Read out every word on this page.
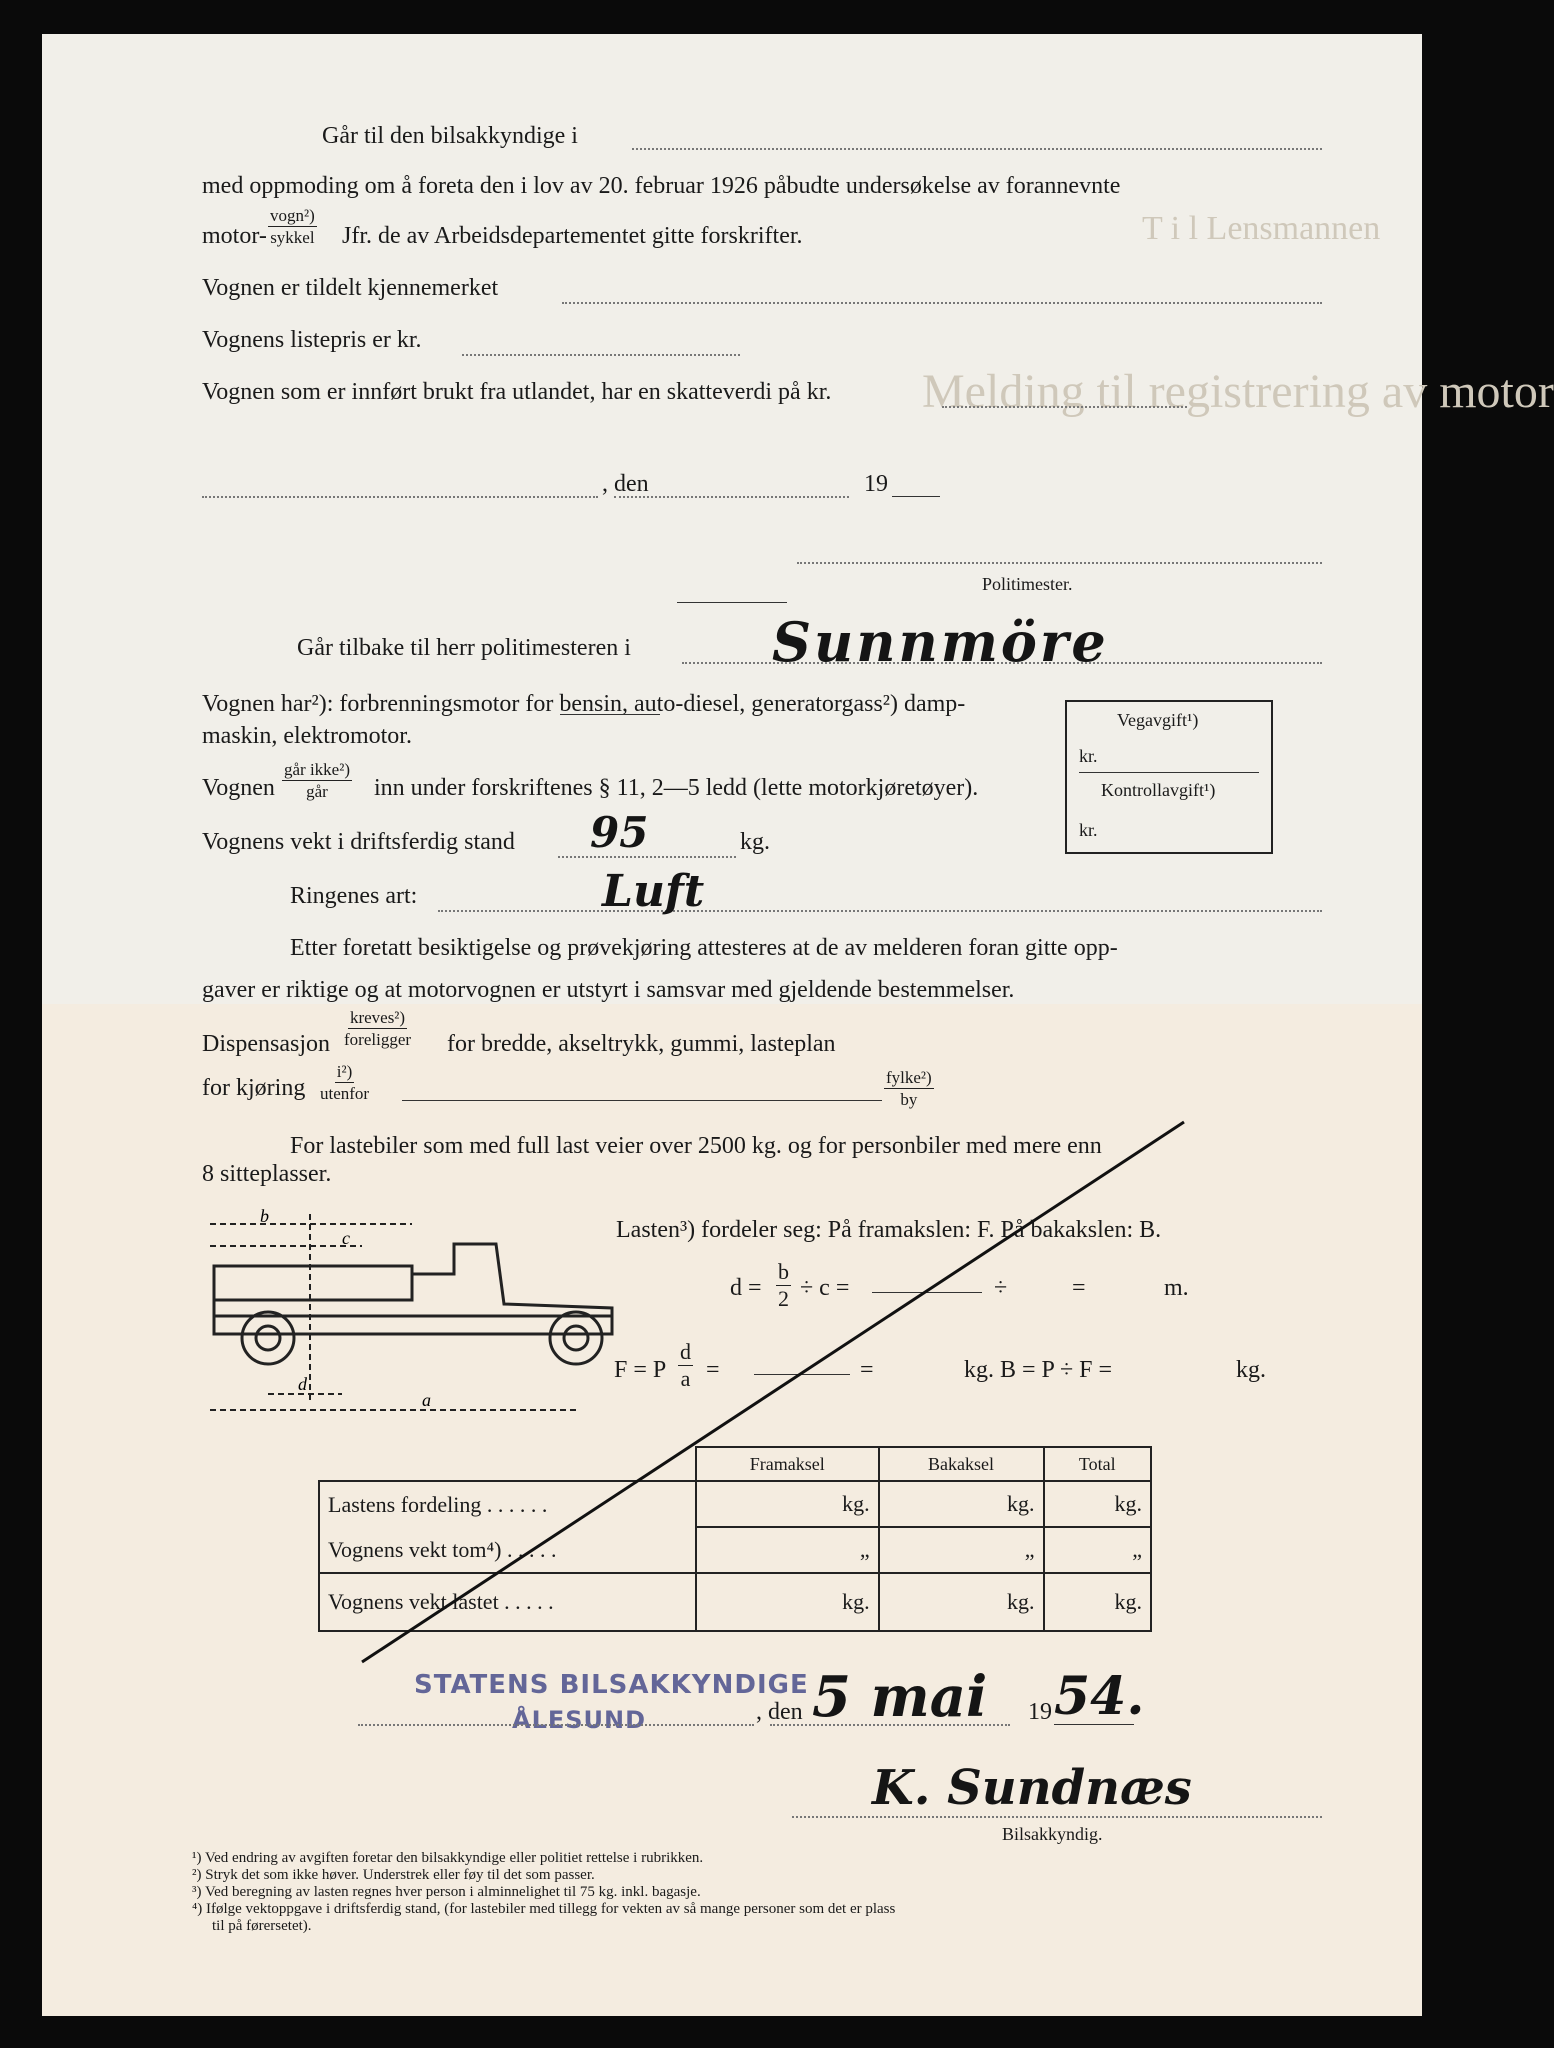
T i l Lensmannen
Melding til registrering av motor
Går til den bilsakkyndige i
med oppmoding om å foreta den i lov av 20. februar 1926 påbudte undersøkelse av forannevnte
motor-
vogn²)
sykkel Jfr. de av Arbeidsdepartementet gitte forskrifter.
Vognen er tildelt kjennemerket
Vognens listepris er kr.
Vognen som er innført brukt fra utlandet, har en skatteverdi på kr.
, den	19
Politimester.
Går tilbake til herr politimesteren i	Sunnmöre
Vognen har²): forbrenningsmotor for bensin, auto-diesel, generatorgass²) damp-
maskin, elektromotor.
Vognen
går ikke²)
går inn under forskriftenes § 11, 2—5 ledd (lette motorkjøretøyer).
Vognens vekt i driftsferdig stand 95	kg.
Ringenes art:	Luft
Etter foretatt besiktigelse og prøvekjøring attesteres at de av melderen foran gitte opp-
gaver er riktige og at motorvognen er utstyrt i samsvar med gjeldende bestemmelser.
Dispensasjon
kreves²)
foreligger for bredde, akseltrykk, gummi, lasteplan
for kjøring
i²)
utenfor
fylke²)
by
Vegavgift¹)
kr.
Kontrollavgift¹)
kr.
For lastebiler som med full last veier over 2500 kg. og for personbiler med mere enn
8 sitteplasser.
Lasten³) fordeler seg: På framakslen: F. På bakakslen: B.
b
c
d
a
$d = \frac{b}{2} \div c$ =	÷	=	m.
F = P $\frac{d}{a}$ =	=	kg. B = P ÷ F =	kg.
	Framaksel	Bakaksel	Total
Lastens fordeling . . . . . .	kg.	kg.	kg.
Vognens vekt tom⁴) . . . . .	„	„	„
Vognens vekt lastet . . . . .	kg.	kg.	kg.
STATENS BILSAKKYNDIGE
ÅLESUND	, den 5 mai 19 54.
K. Sundnæs
Bilsakkyndig.
¹) Ved endring av avgiften foretar den bilsakkyndige eller politiet rettelse i rubrikken.
²) Stryk det som ikke høver. Understrek eller føy til det som passer.
³) Ved beregning av lasten regnes hver person i alminnelighet til 75 kg. inkl. bagasje.
⁴) Ifølge vektoppgave i driftsferdig stand, (for lastebiler med tillegg for vekten av så mange personer som det er plass
til på førersetet).
